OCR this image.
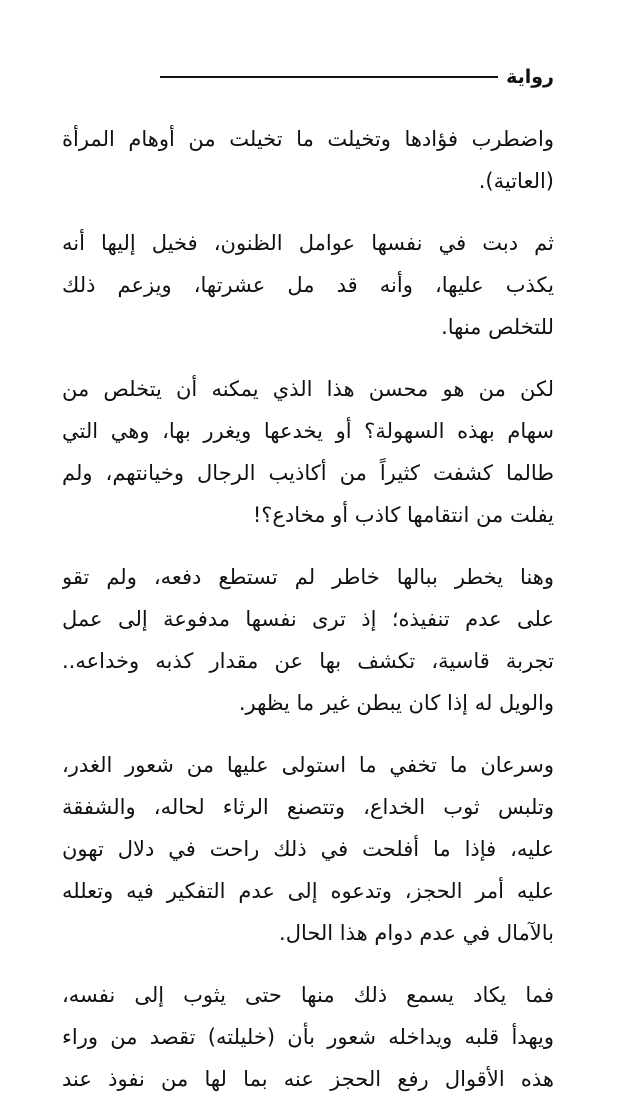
رواية
واضطرب فؤادها وتخيلت ما تخيلت من أوهام المرأة
(العاتية).
ثم دبت في نفسها عوامل الظنون، فخيل إليها أنه
يكذب عليها، وأنه قد مل عشرتها، ويزعم ذلك
للتخلص منها.
لكن من هو محسن هذا الذي يمكنه أن يتخلص من
سهام بهذه السهولة؟ أو يخدعها ويغرر بها، وهي التي
طالما كشفت كثيراً من أكاذيب الرجال وخيانتهم، ولم
يفلت من انتقامها كاذب أو مخادع؟!
وهنا يخطر ببالها خاطر لم تستطع دفعه، ولم تقو
على عدم تنفيذه؛ إذ ترى نفسها مدفوعة إلى عمل
تجربة قاسية، تكشف بها عن مقدار كذبه وخداعه..
والويل له إذا كان يبطن غير ما يظهر.
وسرعان ما تخفي ما استولى عليها من شعور الغدر،
وتلبس ثوب الخداع، وتتصنع الرثاء لحاله، والشفقة
عليه، فإذا ما أفلحت في ذلك راحت في دلال تهون
عليه أمر الحجز، وتدعوه إلى عدم التفكير فيه وتعلله
بالآمال في عدم دوام هذا الحال.
فما يكاد يسمع ذلك منها حتى يثوب إلى نفسه،
ويهدأ قلبه ويداخله شعور بأن (خليلته) تقصد من وراء
هذه الأقوال رفع الحجز عنه بما لها من نفوذ عند
